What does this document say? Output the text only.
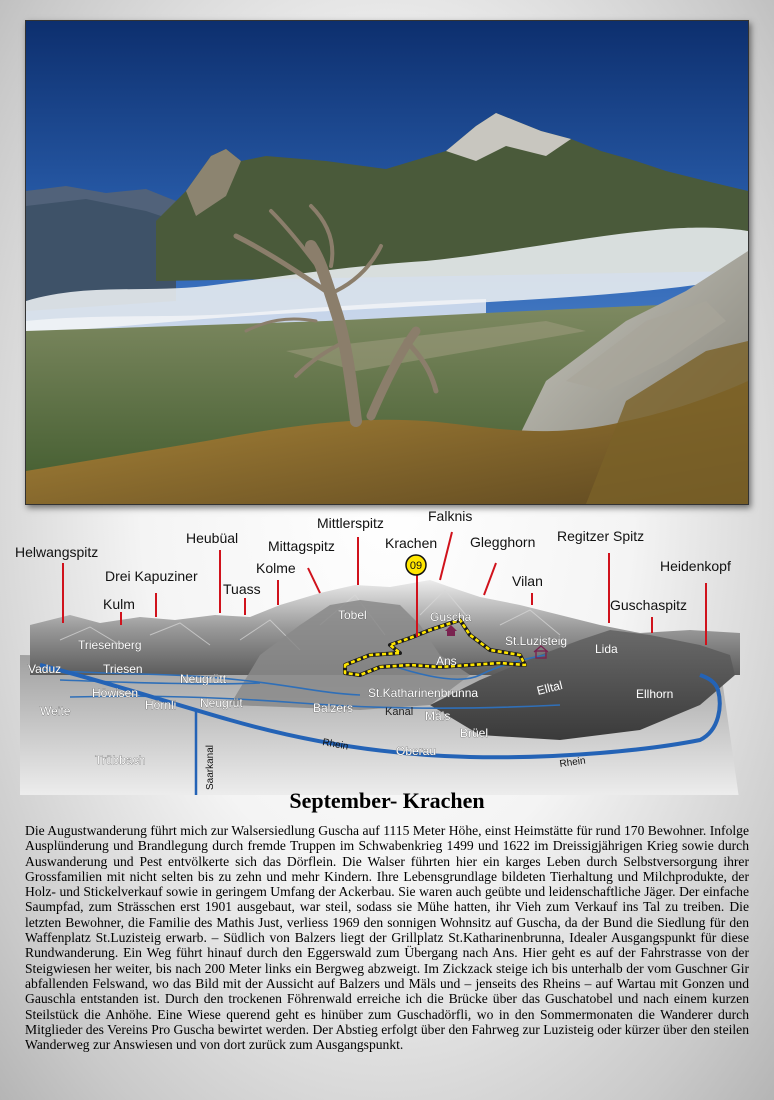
Helwangspitz
Drei Kapuziner
Kulm
Heubüal
Tuass
Kolme
Mittagspitz
Mittlerspitz	Falknis
Krachen Glegghorn
Vilan
Regitzer Spitz
Guschaspitz
Heidenkopf
09
Triesenberg
Vaduz	Triesen
Neugrütt
Höwisen
Hörnli Neugrüt
Weite
Tobel	Guscha
St.Luzisteig
Lida
Ans
St.Katharinenbrunna
Balzers	Kanal Mäls
Elltal	Ellhorn
Brüel
Rhein	Oberau
Rhein
Trübbach	Saarkanal
September- Krachen

Die Augustwanderung führt mich zur Walsersiedlung Guscha auf 1115 Meter Höhe, einst Heimstätte für rund 170 Bewohner. Infolge Ausplünderung und Brandlegung durch fremde Truppen im Schwabenkrieg 1499 und 1622 im Dreissigjährigen Krieg sowie durch Auswanderung und Pest entvölkerte sich das Dörflein. Die Walser führten hier ein karges Leben durch Selbstversorgung ihrer Grossfamilien mit nicht selten bis zu zehn und mehr Kindern. Ihre Lebensgrundlage bildeten Tierhaltung und Milchprodukte, der Holz- und Stickelverkauf sowie in geringem Umfang der Ackerbau. Sie waren auch geübte und leidenschaftliche Jäger. Der einfache Saumpfad, zum Strässchen erst 1901 ausgebaut, war steil, sodass sie Mühe hatten, ihr Vieh zum Verkauf ins Tal zu treiben. Die letzten Bewohner, die Familie des Mathis Just, verliess 1969 den sonnigen Wohnsitz auf Guscha, da der Bund die Siedlung für den Waffenplatz St.Luzisteig erwarb. – Südlich von Balzers liegt der Grillplatz St.Katharinenbrunna, Idealer Ausgangspunkt für diese Rundwanderung. Ein Weg führt hinauf durch den Eggerswald zum Übergang nach Ans. Hier geht es auf der Fahrstrasse von der Steigwiesen her weiter, bis nach 200 Meter links ein Bergweg abzweigt. Im Zickzack steige ich bis unterhalb der vom Guschner Gir abfallenden Felswand, wo das Bild mit der Aussicht auf Balzers und Mäls und – jenseits des Rheins – auf Wartau mit Gonzen und Gauschla entstanden ist. Durch den trockenen Föhrenwald erreiche ich die Brücke über das Guschatobel und nach einem kurzen Steilstück die Anhöhe. Eine Wiese querend geht es hinüber zum Guschadörfli, wo in den Sommermonaten die Wanderer durch Mitglieder des Vereins Pro Guscha bewirtet werden. Der Abstieg erfolgt über den Fahrweg zur Luzisteig oder kürzer über den steilen Wanderweg zur Answiesen und von dort zurück zum Ausgangspunkt.
